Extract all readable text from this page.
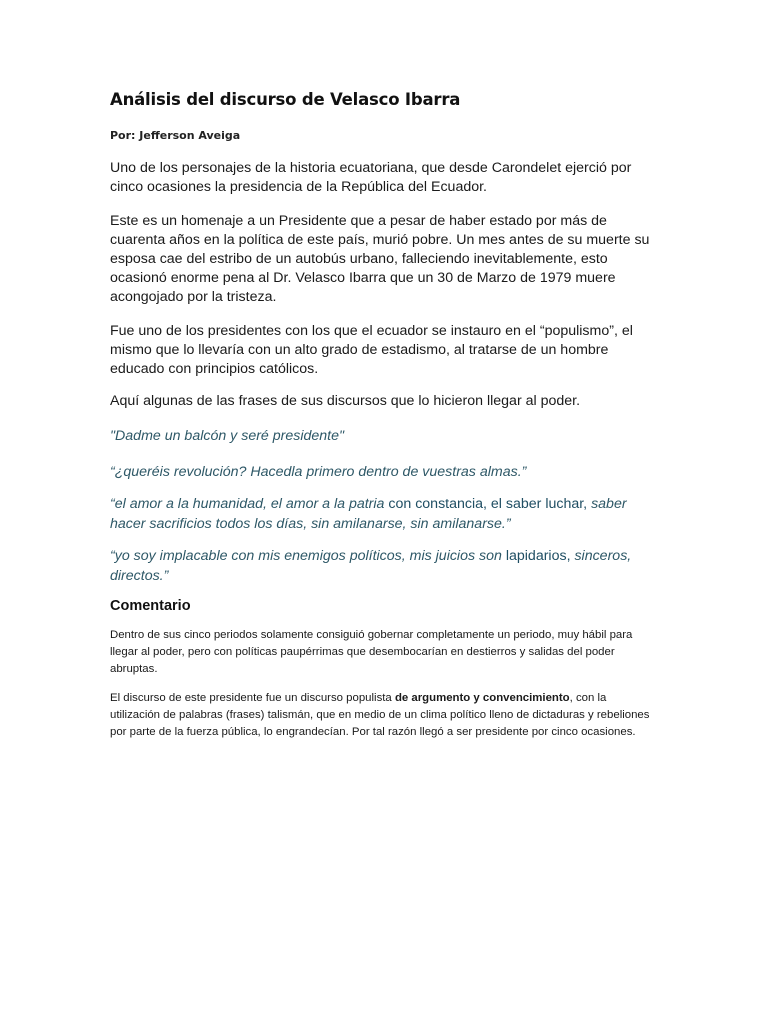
Análisis del discurso de Velasco Ibarra
Por: Jefferson Aveiga

Uno de los personajes de la historia ecuatoriana, que desde Carondelet ejerció por cinco ocasiones la presidencia de la República del Ecuador.

Este es un homenaje a un Presidente que a pesar de haber estado por más de cuarenta años en la política de este país, murió pobre. Un mes antes de su muerte su esposa cae del estribo de un autobús urbano, falleciendo inevitablemente, esto ocasionó enorme pena al Dr. Velasco Ibarra que un 30 de Marzo de 1979 muere acongojado por la tristeza.

Fue uno de los presidentes con los que el ecuador se instauro en el “populismo”, el mismo que lo llevaría con un alto grado de estadismo, al tratarse de un hombre educado con principios católicos.

Aquí algunas de las frases de sus discursos que lo hicieron llegar al poder.

"Dadme un balcón y seré presidente"

“¿queréis revolución? Hacedla primero dentro de vuestras almas.”

“el amor a la humanidad, el amor a la patria con constancia, el saber luchar, saber hacer sacrificios todos los días, sin amilanarse, sin amilanarse.”

“yo soy implacable con mis enemigos políticos, mis juicios son lapidarios, sinceros, directos.”

Comentario

Dentro de sus cinco periodos solamente consiguió gobernar completamente un periodo, muy hábil para llegar al poder, pero con políticas paupérrimas que desembocarían en destierros y salidas del poder abruptas.

El discurso de este presidente fue un discurso populista de argumento y convencimiento, con la utilización de palabras (frases) talismán, que en medio de un clima político lleno de dictaduras y rebeliones por parte de la fuerza pública, lo engrandecían. Por tal razón llegó a ser presidente por cinco ocasiones.
